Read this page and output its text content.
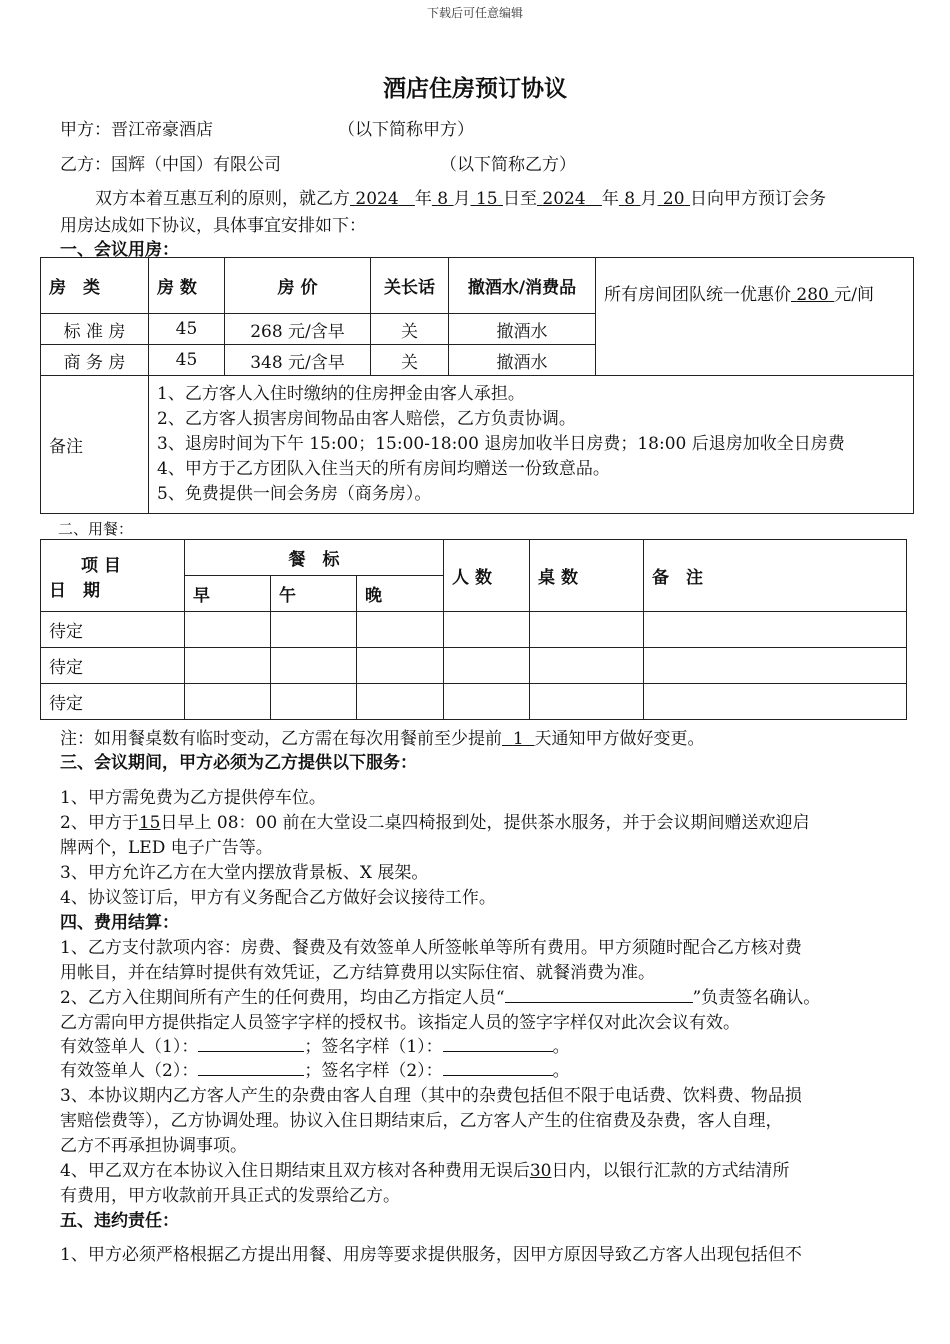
下载后可任意编辑
酒店住房预订协议
甲方：晋江帝豪酒店	（以下简称甲方）
乙方：国辉（中国）有限公司	（以下简称乙方）
双方本着互惠互利的原则，就乙方 2024 年 8 月 15 日至 2024 年 8 月 20 日向甲方预订会务
用房达成如下协议，具体事宜安排如下：
一、会议用房：
房　类	房 数	房 价	关长话	撤酒水/消费品	所有房间团队统一优惠价 280 元/间
标 准 房	45	268 元/含早	关	撤酒水	
商 务 房	45	348 元/含早	关	撤酒水	
备注	1、乙方客人入住时缴纳的住房押金由客人承担。
2、乙方客人损害房间物品由客人赔偿，乙方负责协调。
3、退房时间为下午 15:00；15:00-18:00 退房加收半日房费；18:00 后退房加收全日房费
4、甲方于乙方团队入住当天的所有房间均赠送一份致意品。
5、免费提供一间会务房（商务房）。				
二、用餐：
项 目
日　期	餐　标			人 数	桌 数	备　注
	早	午	晚			
待定						
待定						
待定						
注：如用餐桌数有临时变动，乙方需在每次用餐前至少提前 1 天通知甲方做好变更。
三、会议期间，甲方必须为乙方提供以下服务：
1、甲方需免费为乙方提供停车位。
2、甲方于15日早上 08：00 前在大堂设二桌四椅报到处，提供茶水服务，并于会议期间赠送欢迎启
牌两个，LED 电子广告等。
3、甲方允许乙方在大堂内摆放背景板、X 展架。
4、协议签订后，甲方有义务配合乙方做好会议接待工作。
四、费用结算：
1、乙方支付款项内容：房费、餐费及有效签单人所签帐单等所有费用。甲方须随时配合乙方核对费
用帐目，并在结算时提供有效凭证，乙方结算费用以实际住宿、就餐消费为准。
2、乙方入住期间所有产生的任何费用，均由乙方指定人员“	”负责签名确认。
乙方需向甲方提供指定人员签字字样的授权书。该指定人员的签字字样仅对此次会议有效。
有效签单人（1）：	；签名字样（1）：	。
有效签单人（2）：	；签名字样（2）：	。
3、本协议期内乙方客人产生的杂费由客人自理（其中的杂费包括但不限于电话费、饮料费、物品损
害赔偿费等），乙方协调处理。协议入住日期结束后，乙方客人产生的住宿费及杂费，客人自理，
乙方不再承担协调事项。
4、甲乙双方在本协议入住日期结束且双方核对各种费用无误后30日内，以银行汇款的方式结清所
有费用，甲方收款前开具正式的发票给乙方。
五、违约责任：
1、甲方必须严格根据乙方提出用餐、用房等要求提供服务，因甲方原因导致乙方客人出现包括但不
